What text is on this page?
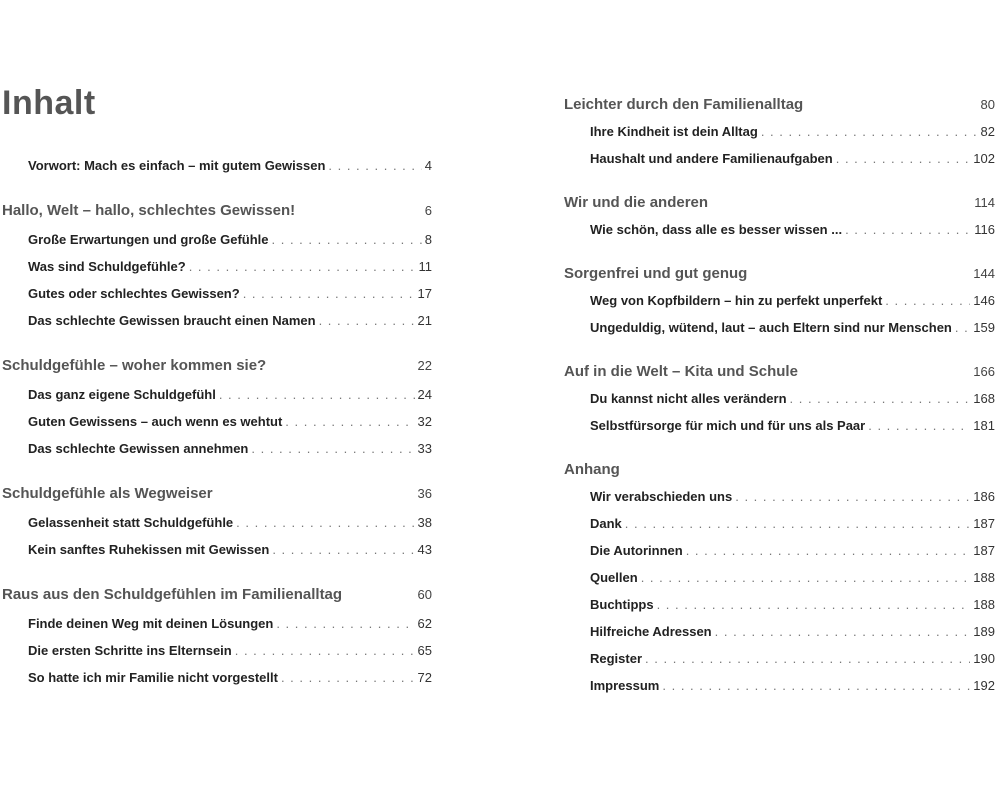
Inhalt
Vorwort: Mach es einfach – mit gutem Gewissen . . .	4
Hallo, Welt – hallo, schlechtes Gewissen!	6
Große Erwartungen und große Gefühle . . .	8
Was sind Schuldgefühle? . . .	11
Gutes oder schlechtes Gewissen? . . .	17
Das schlechte Gewissen braucht einen Namen . . .	21
Schuldgefühle – woher kommen sie?	22
Das ganz eigene Schuldgefühl . . .	24
Guten Gewissens – auch wenn es wehtut . . .	32
Das schlechte Gewissen annehmen . . .	33
Schuldgefühle als Wegweiser	36
Gelassenheit statt Schuldgefühle . . .	38
Kein sanftes Ruhekissen mit Gewissen . . .	43
Raus aus den Schuldgefühlen im Familienalltag	60
Finde deinen Weg mit deinen Lösungen . . .	62
Die ersten Schritte ins Elternsein . . .	65
So hatte ich mir Familie nicht vorgestellt . . .	72
Leichter durch den Familienalltag	80
Ihre Kindheit ist dein Alltag . . .	82
Haushalt und andere Familienaufgaben . . .	102
Wir und die anderen	114
Wie schön, dass alle es besser wissen ... . . .	116
Sorgenfrei und gut genug	144
Weg von Kopfbildern – hin zu perfekt unperfekt . . .	146
Ungeduldig, wütend, laut – auch Eltern sind nur Menschen . . . 159
Auf in die Welt – Kita und Schule	166
Du kannst nicht alles verändern . . .	168
Selbstfürsorge für mich und für uns als Paar . . .	181
Anhang
Wir verabschieden uns . . .	186
Dank . . .	187
Die Autorinnen . . .	187
Quellen . . .	188
Buchtipps . . .	188
Hilfreiche Adressen . . .	189
Register . . .	190
Impressum . . .	192
